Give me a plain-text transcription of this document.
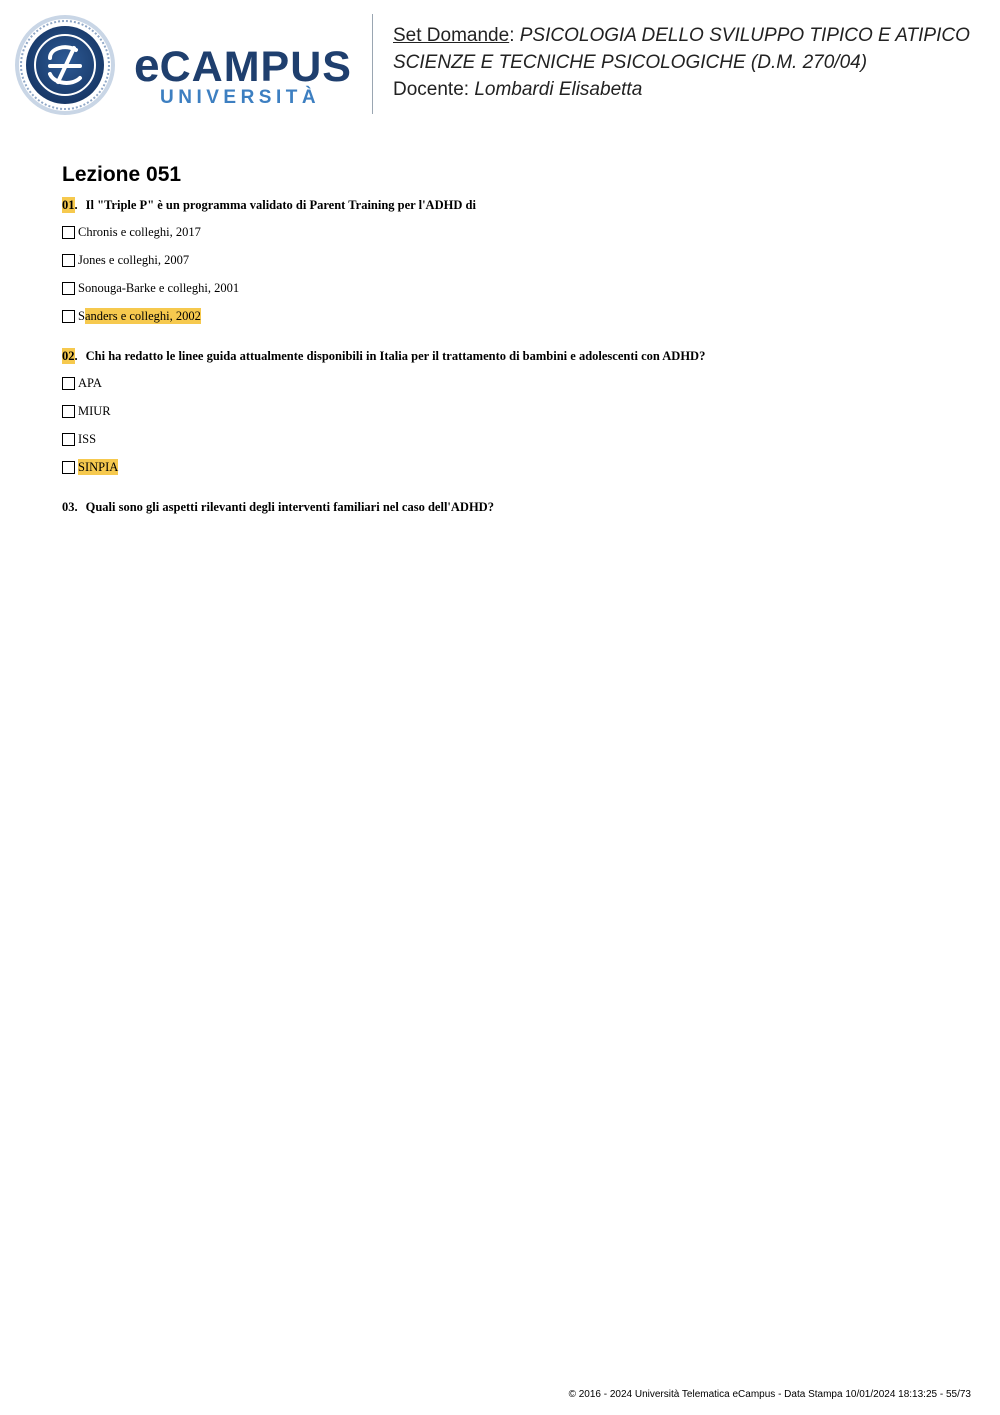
eCAMPUS
UNIVERSITÀ
Set Domande: PSICOLOGIA DELLO SVILUPPO TIPICO E ATIPICO
SCIENZE E TECNICHE PSICOLOGICHE (D.M. 270/04)
Docente: Lombardi Elisabetta
Lezione 051
01. Il "Triple P" è un programma validato di Parent Training per l'ADHD di
Chronis e colleghi, 2017
Jones e colleghi, 2007
Sonouga-Barke e colleghi, 2001
S anders e colleghi, 2002
02. Chi ha redatto le linee guida attualmente disponibili in Italia per il trattamento di bambini e adolescenti con ADHD?
APA
MIUR
ISS
SINPIA
03. Quali sono gli aspetti rilevanti degli interventi familiari nel caso dell'ADHD?
© 2016 - 2024 Università Telematica eCampus - Data Stampa 10/01/2024 18:13:25 - 55/73
